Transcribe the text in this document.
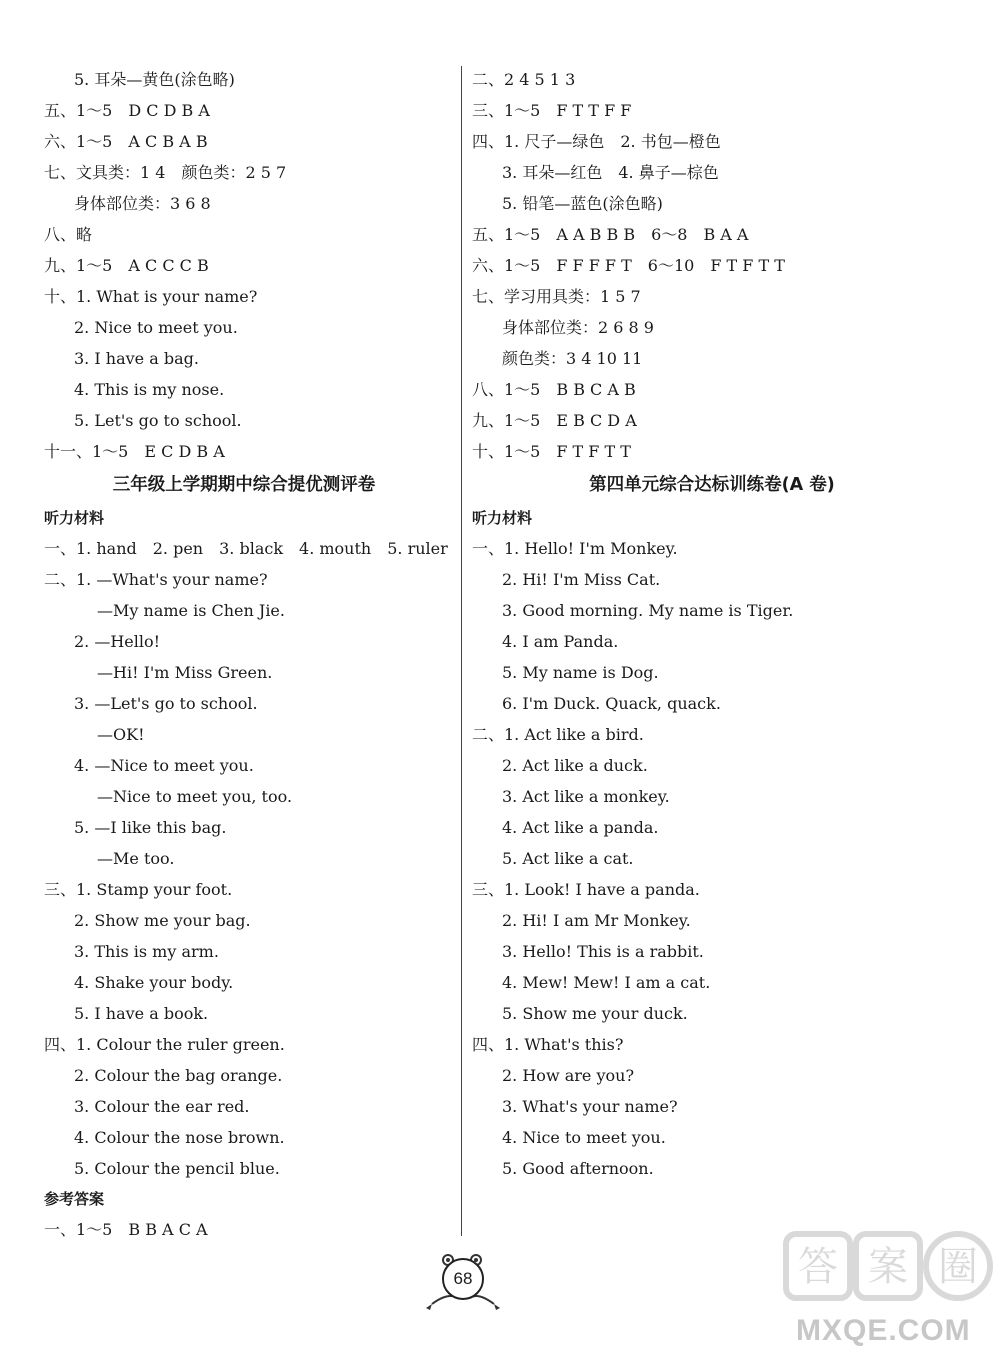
5. 耳朵—黄色(涂色略)
五、1～5　D C D B A
六、1～5　A C B A B
七、文具类：1 4　颜色类：2 5 7
身体部位类：3 6 8
八、略
九、1～5　A C C C B
十、1. What is your name?
2. Nice to meet you.
3. I have a bag.
4. This is my nose.
5. Let's go to school.
十一、1～5　E C D B A
三年级上学期期中综合提优测评卷
听力材料
一、1. hand　2. pen　3. black　4. mouth　5. ruler
二、1. —What's your name?
—My name is Chen Jie.
2. —Hello!
—Hi! I'm Miss Green.
3. —Let's go to school.
—OK!
4. —Nice to meet you.
—Nice to meet you, too.
5. —I like this bag.
—Me too.
三、1. Stamp your foot.
2. Show me your bag.
3. This is my arm.
4. Shake your body.
5. I have a book.
四、1. Colour the ruler green.
2. Colour the bag orange.
3. Colour the ear red.
4. Colour the nose brown.
5. Colour the pencil blue.
参考答案
一、1～5　B B A C A
二、2 4 5 1 3
三、1～5　F T T F F
四、1. 尺子—绿色　2. 书包—橙色
3. 耳朵—红色　4. 鼻子—棕色
5. 铅笔—蓝色(涂色略)
五、1～5　A A B B B　6～8　B A A
六、1～5　F F F F T　6～10　F T F T T
七、学习用具类：1 5 7
身体部位类：2 6 8 9
颜色类：3 4 10 11
八、1～5　B B C A B
九、1～5　E B C D A
十、1～5　F T F T T
第四单元综合达标训练卷(A 卷)
听力材料
一、1. Hello! I'm Monkey.
2. Hi! I'm Miss Cat.
3. Good morning. My name is Tiger.
4. I am Panda.
5. My name is Dog.
6. I'm Duck. Quack, quack.
二、1. Act like a bird.
2. Act like a duck.
3. Act like a monkey.
4. Act like a panda.
5. Act like a cat.
三、1. Look! I have a panda.
2. Hi! I am Mr Monkey.
3. Hello! This is a rabbit.
4. Mew! Mew! I am a cat.
5. Show me your duck.
四、1. What's this?
2. How are you?
3. What's your name?
4. Nice to meet you.
5. Good afternoon.
68	答 案 圈
MXQE.COM
